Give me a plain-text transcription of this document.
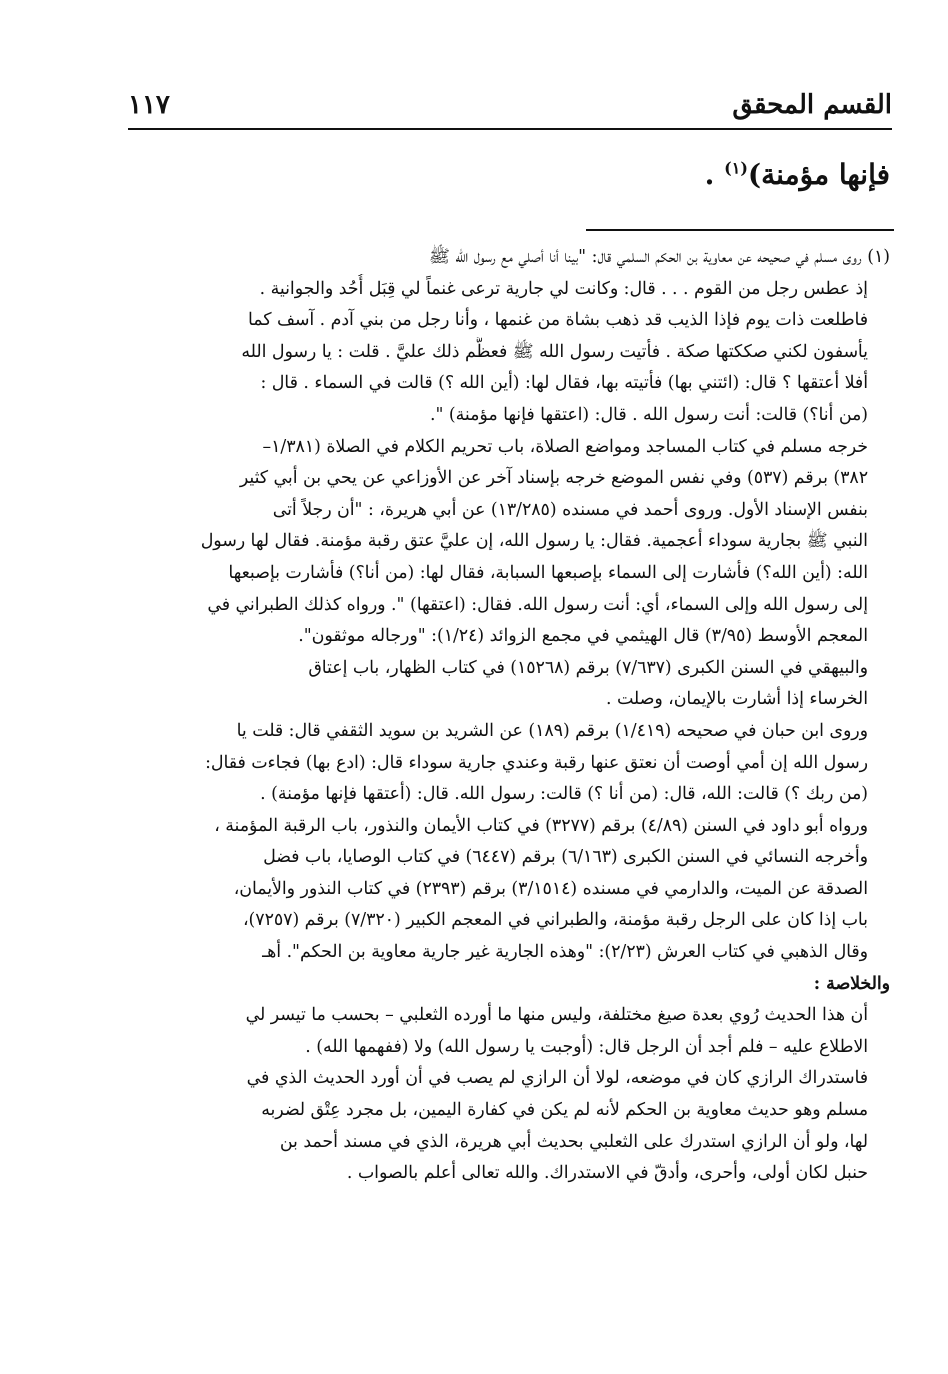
القسم المحقق
١١٧
فإنها مؤمنة)$^{(١)}$ .
(١) روى مسلم في صحيحه عن معاوية بن الحكم السلمي قال: "بينا أنا أصلي مع رسول الله ﷺ
إذ عطس رجل من القوم . . . قال: وكانت لي جارية ترعى غنماً لي قِبَل أُحُد والجوانية .
فاطلعت ذات يوم فإذا الذيب قد ذهب بشاة من غنمها ، وأنا رجل من بني آدم . آسف كما
يأسفون لكني صككتها صكة . فأتيت رسول الله ﷺ فعظَّم ذلك عليَّ . قلت : يا رسول الله
أفلا أعتقها ؟ قال: (ائتني بها) فأتيته بها، فقال لها: (أين الله ؟) قالت في السماء . قال :
(من أنا؟) قالت: أنت رسول الله . قال: (اعتقها فإنها مؤمنة) ".
خرجه مسلم في كتاب المساجد ومواضع الصلاة، باب تحريم الكلام في الصلاة (١/٣٨١–
٣٨٢) برقم (٥٣٧) وفي نفس الموضع خرجه بإسناد آخر عن الأوزاعي عن يحي بن أبي كثير
بنفس الإسناد الأول. وروى أحمد في مسنده (١٣/٢٨٥) عن أبي هريرة، : "أن رجلاً أتى
النبي ﷺ بجارية سوداء أعجمية. فقال: يا رسول الله، إن عليَّ عتق رقبة مؤمنة. فقال لها رسول
الله: (أين الله؟) فأشارت إلى السماء بإصبعها السبابة، فقال لها: (من أنا؟) فأشارت بإصبعها
إلى رسول الله وإلى السماء، أي: أنت رسول الله. فقال: (اعتقها) ". ورواه كذلك الطبراني في
المعجم الأوسط (٣/٩٥) قال الهيثمي في مجمع الزوائد (١/٢٤): "ورجاله موثقون".
والبيهقي في السنن الكبرى (٧/٦٣٧) برقم (١٥٢٦٨) في كتاب الظهار، باب إعتاق
الخرساء إذا أشارت بالإيمان، وصلت .
وروى ابن حبان في صحيحه (١/٤١٩) برقم (١٨٩) عن الشريد بن سويد الثقفي قال: قلت يا
رسول الله إن أمي أوصت أن نعتق عنها رقبة وعندي جارية سوداء قال: (ادع بها) فجاءت فقال:
(من ربك ؟) قالت: الله، قال: (من أنا ؟) قالت: رسول الله. قال: (أعتقها فإنها مؤمنة) .
ورواه أبو داود في السنن (٤/٨٩) برقم (٣٢٧٧) في كتاب الأيمان والنذور، باب الرقبة المؤمنة ،
وأخرجه النسائي في السنن الكبرى (٦/١٦٣) برقم (٦٤٤٧) في كتاب الوصايا، باب فضل
الصدقة عن الميت، والدارمي في مسنده (٣/١٥١٤) برقم (٢٣٩٣) في كتاب النذور والأيمان،
باب إذا كان على الرجل رقبة مؤمنة، والطبراني في المعجم الكبير (٧/٣٢٠) برقم (٧٢٥٧)،
وقال الذهبي في كتاب العرش (٢/٢٣): "وهذه الجارية غير جارية معاوية بن الحكم". أهـ
والخلاصة :
أن هذا الحديث رُوي بعدة صيغ مختلفة، وليس منها ما أورده الثعلبي – بحسب ما تيسر لي
الاطلاع عليه – فلم أجد أن الرجل قال: (أوجبت يا رسول الله) ولا (ففهمها الله) .
فاستدراك الرازي كان في موضعه، لولا أن الرازي لم يصب في أن أورد الحديث الذي في
مسلم وهو حديث معاوية بن الحكم لأنه لم يكن في كفارة اليمين، بل مجرد عِتْق لضربه
لها، ولو أن الرازي استدرك على الثعلبي بحديث أبي هريرة، الذي في مسند أحمد بن
حنبل لكان أولى، وأحرى، وأدقّ في الاستدراك. والله تعالى أعلم بالصواب .
